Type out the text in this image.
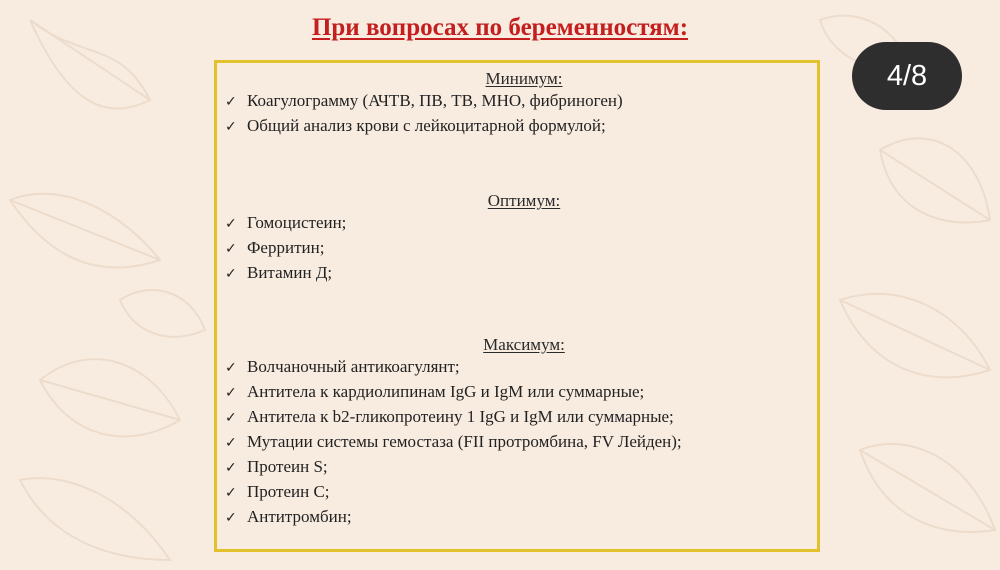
При вопросах по беременностям:
Минимум:
✓ Коагулограмму (АЧТВ, ПВ, ТВ, МНО, фибриноген)
✓ Общий анализ крови с лейкоцитарной формулой;
Оптимум:
✓ Гомоцистеин;
✓ Ферритин;
✓ Витамин Д;
Максимум:
✓ Волчаночный антикоагулянт;
✓ Антитела к кардиолипинам IgG и IgM или суммарные;
✓ Антитела к b2-гликопротеину 1 IgG и IgM или суммарные;
✓ Мутации системы гемостаза (FII протромбина, FV Лейден);
✓ Протеин S;
✓ Протеин C;
✓ Антитромбин;
4/8
